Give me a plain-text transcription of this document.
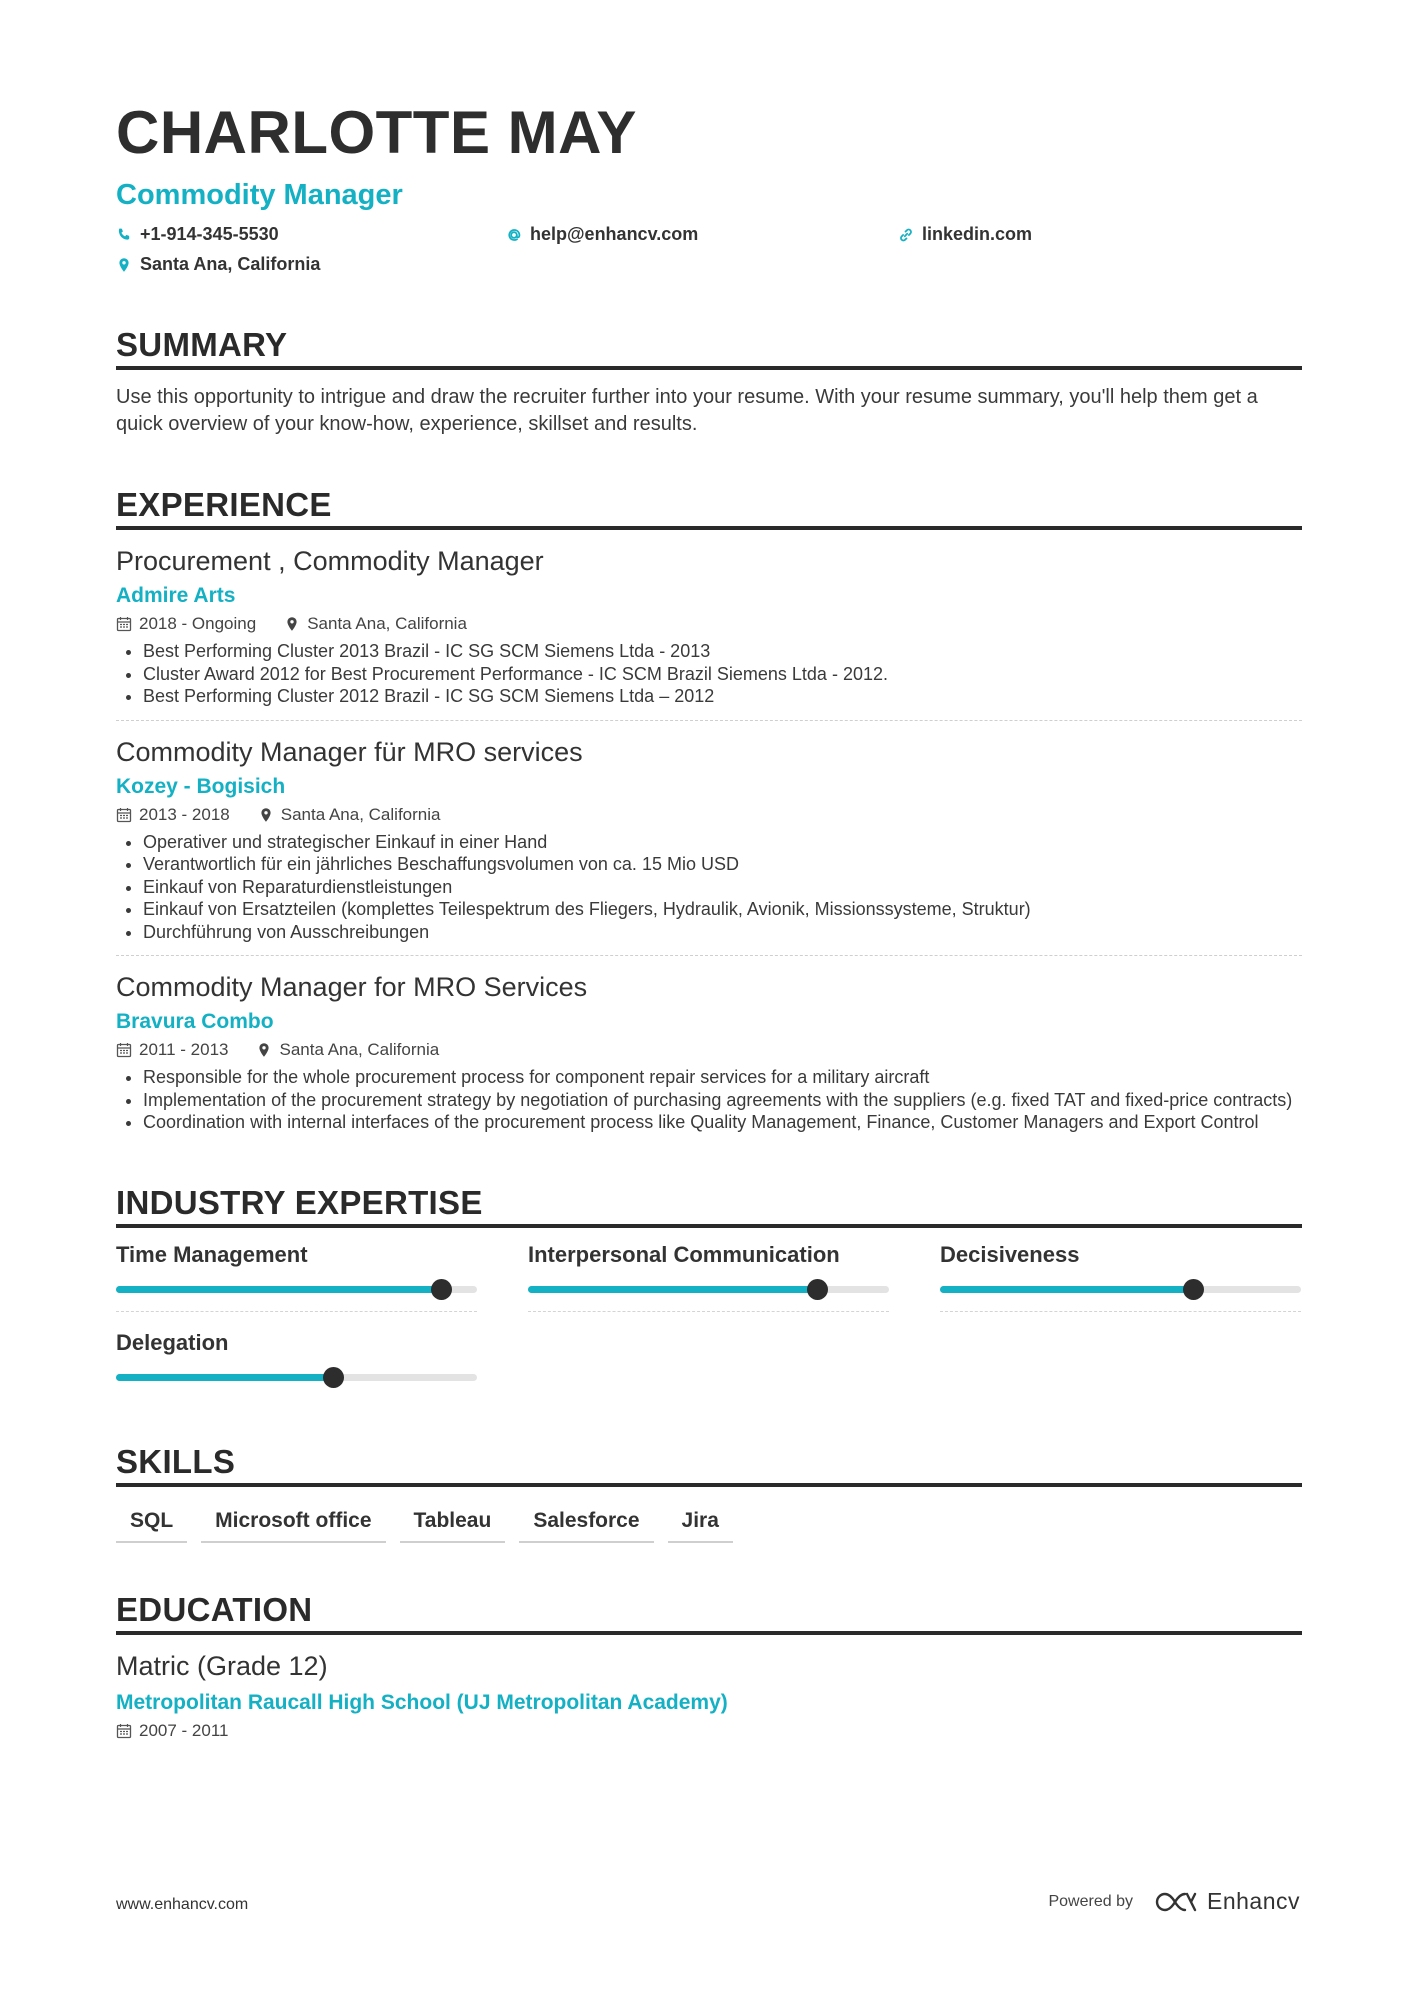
CHARLOTTE MAY
Commodity Manager
+1-914-345-5530	help@enhancv.com	linkedin.com
Santa Ana, California
SUMMARY
Use this opportunity to intrigue and draw the recruiter further into your resume. With your resume summary, you'll help them get a quick overview of your know-how, experience, skillset and results.
EXPERIENCE
Procurement , Commodity Manager
Admire Arts
2018 - Ongoing	Santa Ana, California
• Best Performing Cluster 2013 Brazil - IC SG SCM Siemens Ltda - 2013
• Cluster Award 2012 for Best Procurement Performance - IC SCM Brazil Siemens Ltda - 2012.
• Best Performing Cluster 2012 Brazil - IC SG SCM Siemens Ltda – 2012
Commodity Manager für MRO services
Kozey - Bogisich
2013 - 2018	Santa Ana, California
• Operativer und strategischer Einkauf in einer Hand
• Verantwortlich für ein jährliches Beschaffungsvolumen von ca. 15 Mio USD
• Einkauf von Reparaturdienstleistungen
• Einkauf von Ersatzteilen (komplettes Teilespektrum des Fliegers, Hydraulik, Avionik, Missionssysteme, Struktur)
• Durchführung von Ausschreibungen
Commodity Manager for MRO Services
Bravura Combo
2011 - 2013	Santa Ana, California
• Responsible for the whole procurement process for component repair services for a military aircraft
• Implementation of the procurement strategy by negotiation of purchasing agreements with the suppliers (e.g. fixed TAT and fixed-price contracts)
• Coordination with internal interfaces of the procurement process like Quality Management, Finance, Customer Managers and Export Control
INDUSTRY EXPERTISE
Time Management	Interpersonal Communication	Decisiveness
Delegation
SKILLS
SQL	Microsoft office	Tableau	Salesforce	Jira
EDUCATION
Matric (Grade 12)
Metropolitan Raucall High School (UJ Metropolitan Academy)
2007 - 2011
www.enhancv.com	Powered by	Enhancv
